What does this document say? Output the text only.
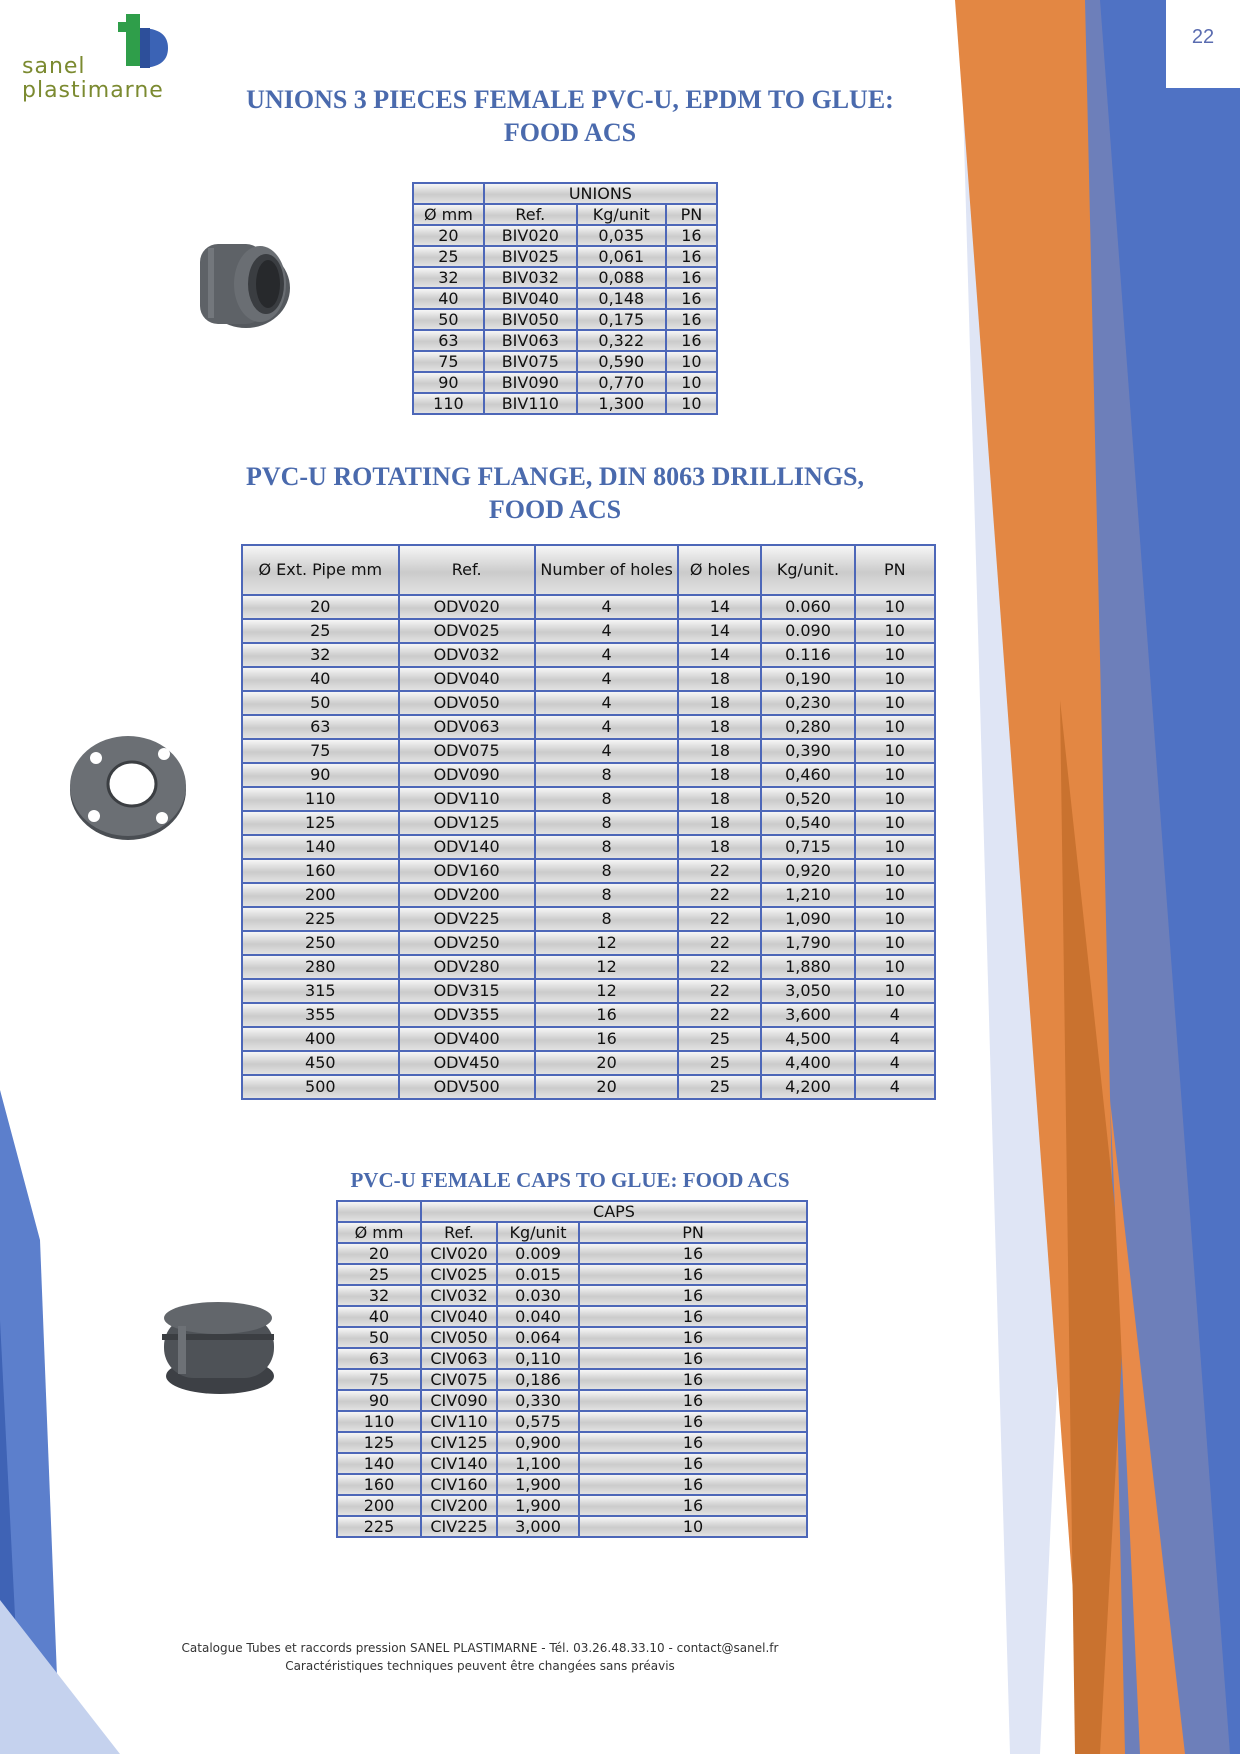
22
sanel
plastimarne	UNIONS 3 PIECES FEMALE PVC-U, EPDM TO GLUE:
FOOD ACS
	UNIONS		
Ø mm	Ref.	Kg/unit	PN
20	BIV020	0,035	16
25	BIV025	0,061	16
32	BIV032	0,088	16
40	BIV040	0,148	16
50	BIV050	0,175	16
63	BIV063	0,322	16
75	BIV075	0,590	10
90	BIV090	0,770	10
110	BIV110	1,300	10
PVC-U ROTATING FLANGE, DIN 8063 DRILLINGS,
FOOD ACS
Ø Ext. Pipe mm	Ref.	Number of holes	Ø holes	Kg/unit.	PN
20	ODV020	4	14	0.060	10
25	ODV025	4	14	0.090	10
32	ODV032	4	14	0.116	10
40	ODV040	4	18	0,190	10
50	ODV050	4	18	0,230	10
63	ODV063	4	18	0,280	10
75	ODV075	4	18	0,390	10
90	ODV090	8	18	0,460	10
110	ODV110	8	18	0,520	10
125	ODV125	8	18	0,540	10
140	ODV140	8	18	0,715	10
160	ODV160	8	22	0,920	10
200	ODV200	8	22	1,210	10
225	ODV225	8	22	1,090	10
250	ODV250	12	22	1,790	10
280	ODV280	12	22	1,880	10
315	ODV315	12	22	3,050	10
355	ODV355	16	22	3,600	4
400	ODV400	16	25	4,500	4
450	ODV450	20	25	4,400	4
500	ODV500	20	25	4,200	4
PVC-U FEMALE CAPS TO GLUE: FOOD ACS
	CAPS		
Ø mm	Ref.	Kg/unit	PN
20	CIV020	0.009	16
25	CIV025	0.015	16
32	CIV032	0.030	16
40	CIV040	0.040	16
50	CIV050	0.064	16
63	CIV063	0,110	16
75	CIV075	0,186	16
90	CIV090	0,330	16
110	CIV110	0,575	16
125	CIV125	0,900	16
140	CIV140	1,100	16
160	CIV160	1,900	16
200	CIV200	1,900	16
225	CIV225	3,000	10
Catalogue Tubes et raccords pression SANEL PLASTIMARNE - Tél. 03.26.48.33.10 - contact@sanel.fr
Caractéristiques techniques peuvent être changées sans préavis
